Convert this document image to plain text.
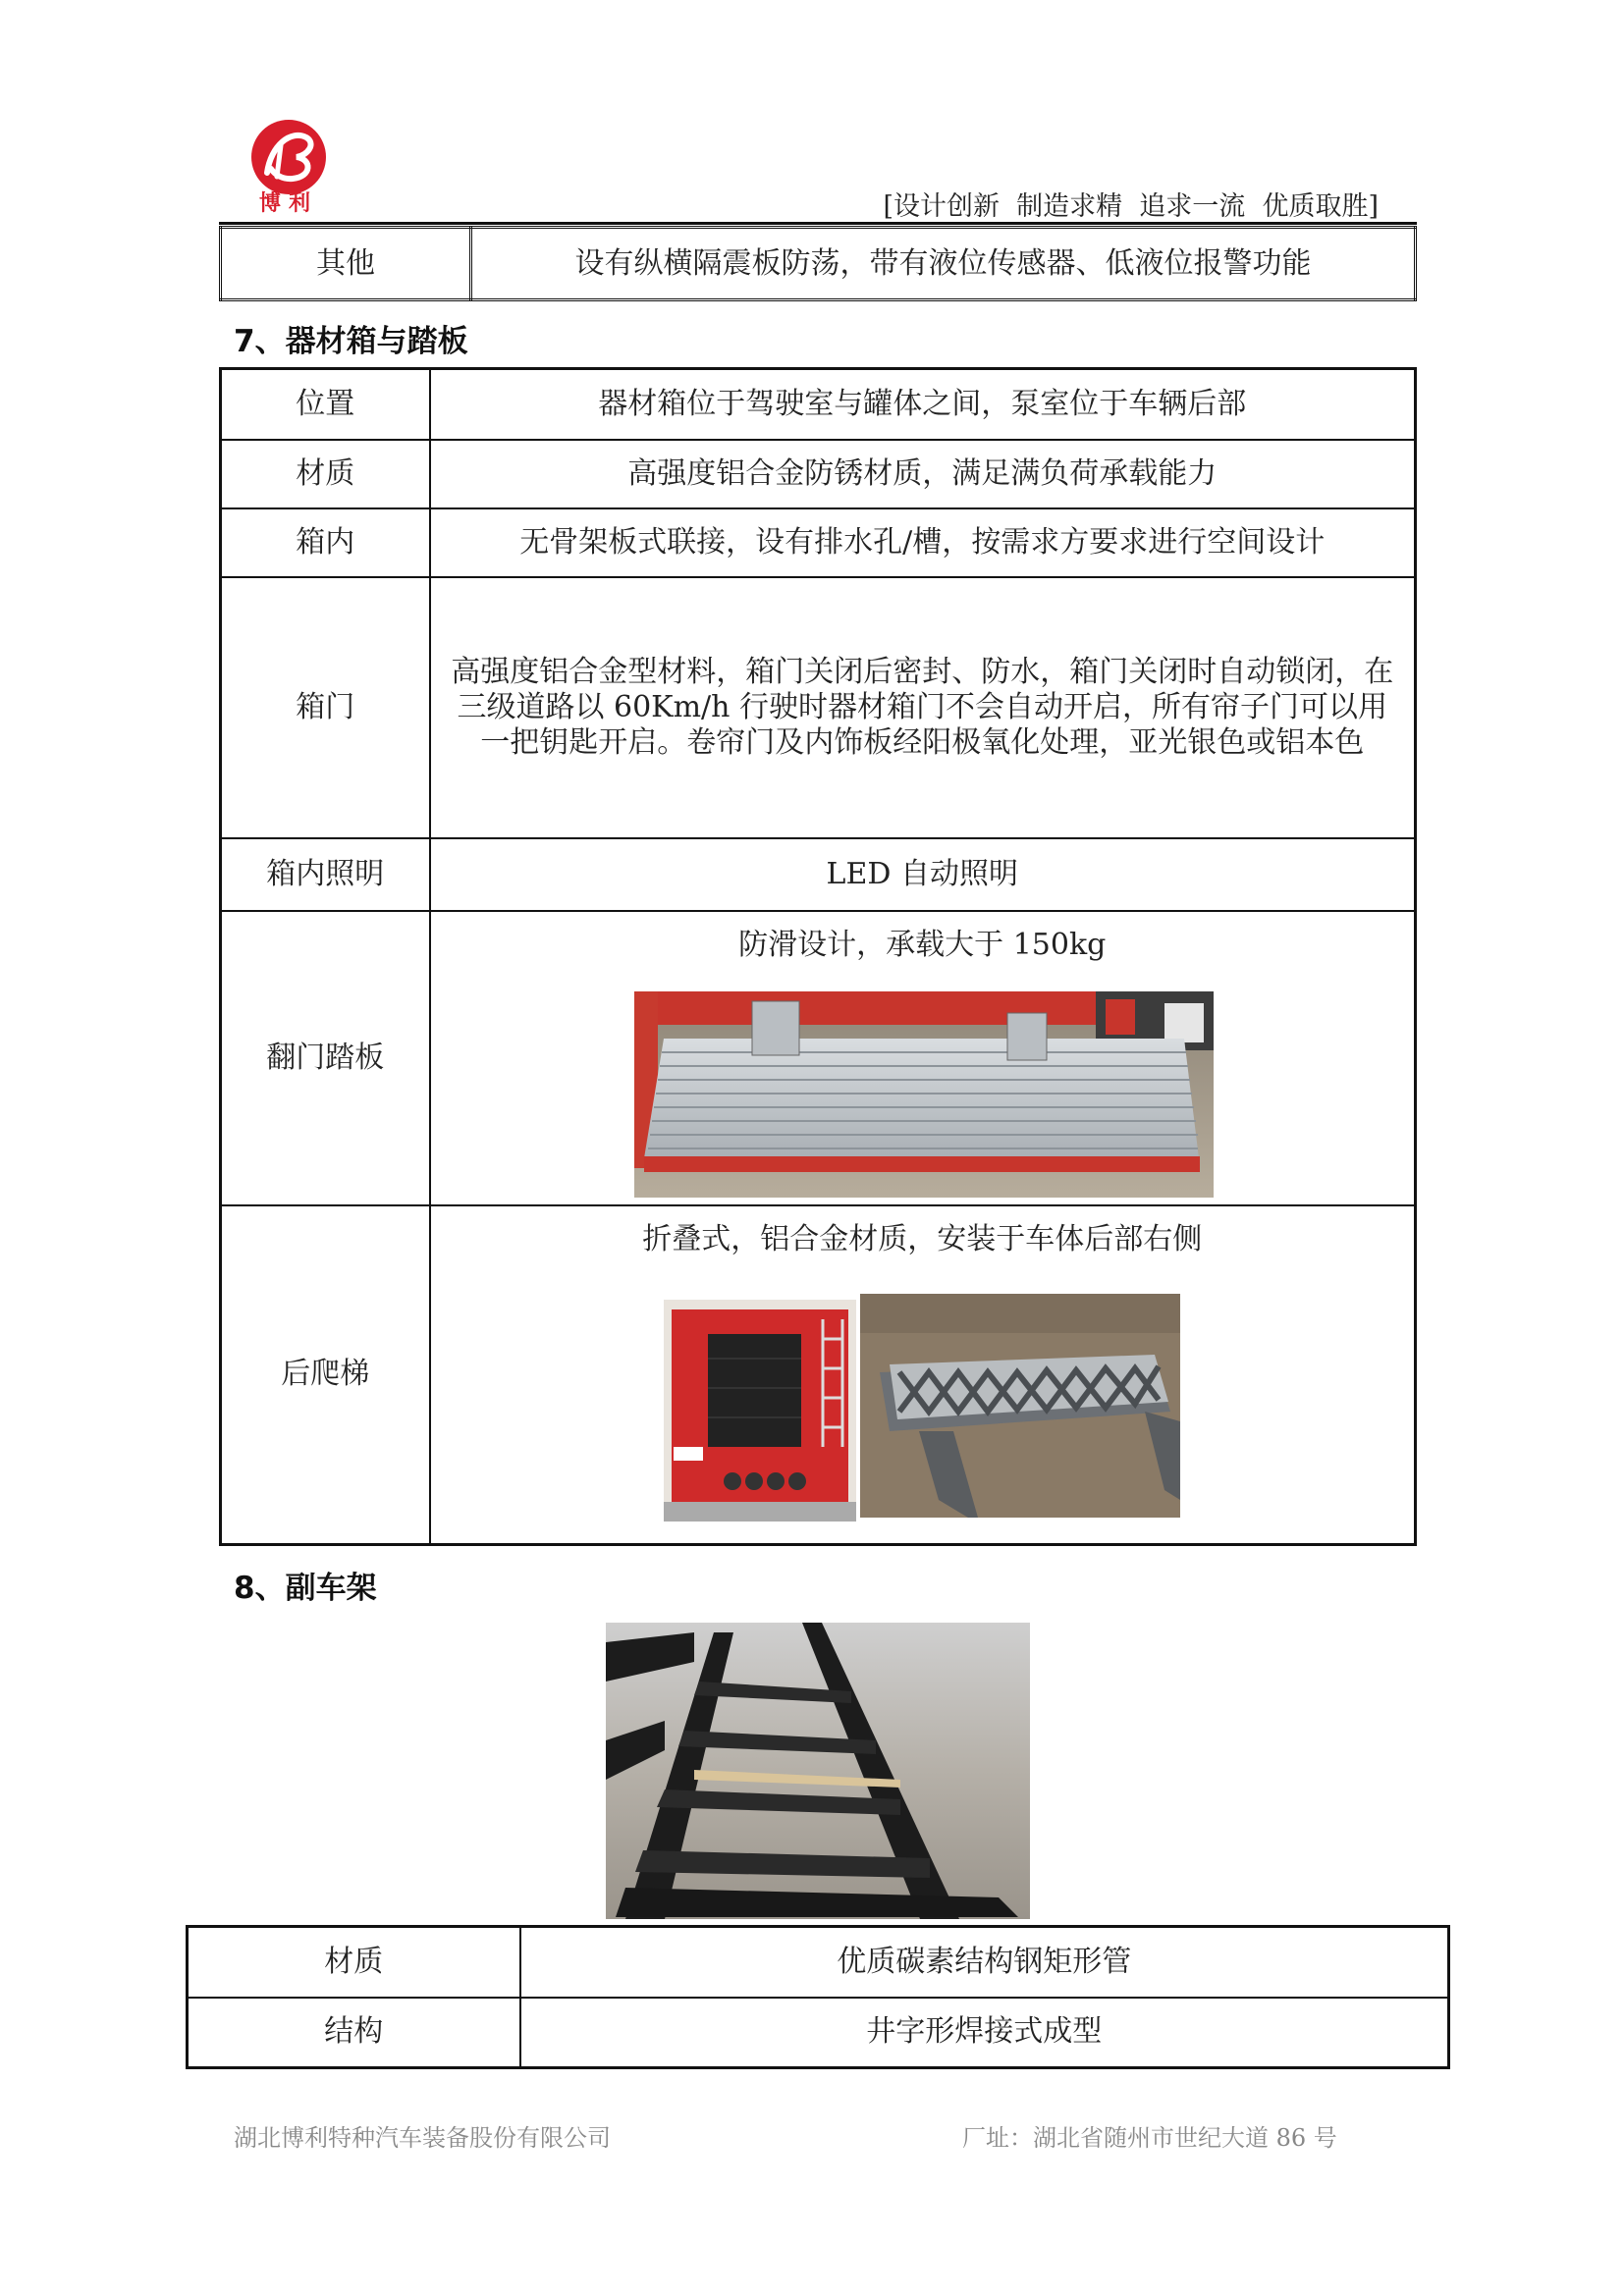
博利	[设计创新  制造求精  追求一流  优质取胜]
其他	设有纵横隔震板防荡，带有液位传感器、低液位报警功能
7、器材箱与踏板
位置	器材箱位于驾驶室与罐体之间，泵室位于车辆后部
材质	高强度铝合金防锈材质，满足满负荷承载能力
箱内	无骨架板式联接，设有排水孔/槽，按需求方要求进行空间设计
箱门	高强度铝合金型材料，箱门关闭后密封、防水，箱门关闭时自动锁闭，在三级道路以 60Km/h 行驶时器材箱门不会自动开启，所有帘子门可以用一把钥匙开启。卷帘门及内饰板经阳极氧化处理，亚光银色或铝本色
箱内照明	LED 自动照明
翻门踏板	防滑设计，承载大于 150kg

后爬梯	折叠式，铝合金材质，安装于车体后部右侧
8、副车架
材质	优质碳素结构钢矩形管
结构	井字形焊接式成型
湖北博利特种汽车装备股份有限公司	厂址：湖北省随州市世纪大道 86 号
